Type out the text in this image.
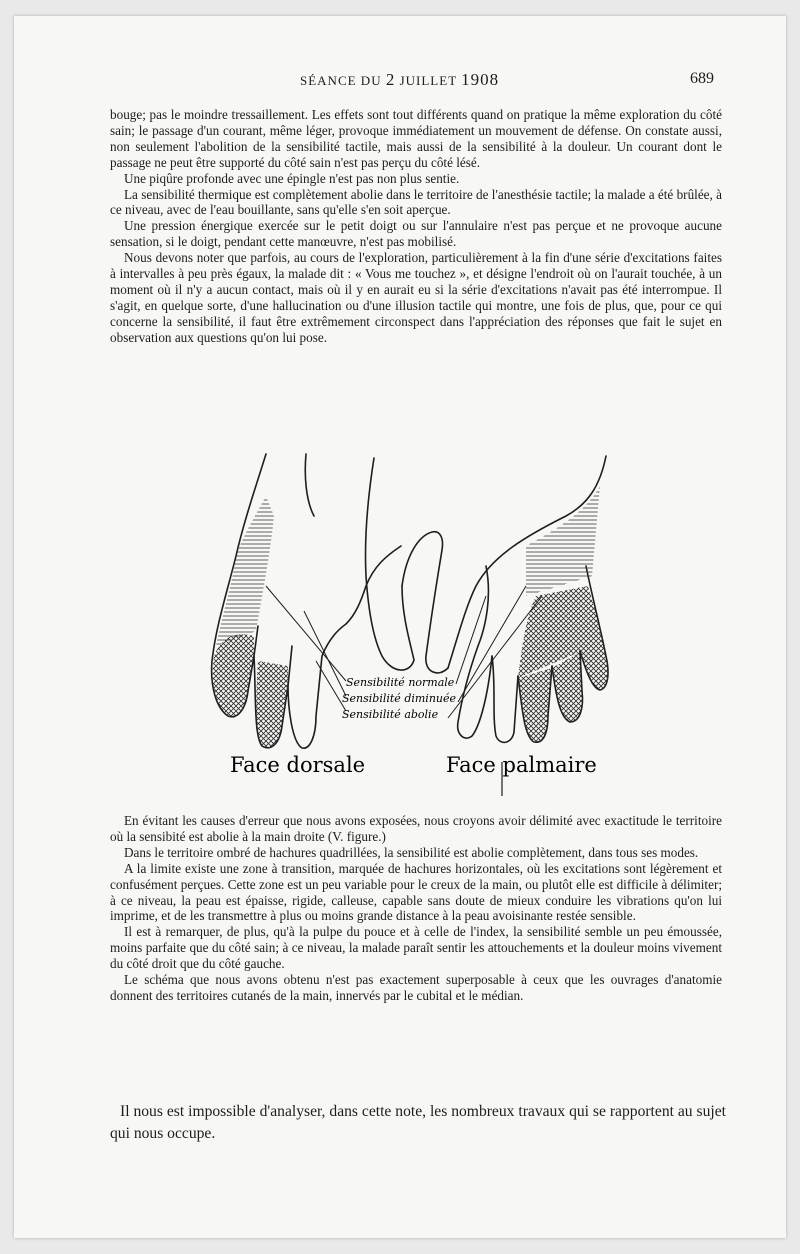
SÉANCE DU 2 JUILLET 1908	689

bouge; pas le moindre tressaillement. Les effets sont tout différents quand on pratique la même exploration du côté sain; le passage d'un courant, même léger, provoque immédiatement un mouvement de défense. On constate aussi, non seulement l'abolition de la sensibilité tactile, mais aussi de la sensibilité à la douleur. Un courant dont le passage ne peut être supporté du côté sain n'est pas perçu du côté lésé.

Une piqûre profonde avec une épingle n'est pas non plus sentie.

La sensibilité thermique est complètement abolie dans le territoire de l'anesthésie tactile; la malade a été brûlée, à ce niveau, avec de l'eau bouillante, sans qu'elle s'en soit aperçue.

Une pression énergique exercée sur le petit doigt ou sur l'annulaire n'est pas perçue et ne provoque aucune sensation, si le doigt, pendant cette manœuvre, n'est pas mobilisé.

Nous devons noter que parfois, au cours de l'exploration, particulièrement à la fin d'une série d'excitations faites à intervalles à peu près égaux, la malade dit : « Vous me touchez », et désigne l'endroit où on l'aurait touchée, à un moment où il n'y a aucun contact, mais où il y en aurait eu si la série d'excitations n'avait pas été interrompue. Il s'agit, en quelque sorte, d'une hallucination ou d'une illusion tactile qui montre, une fois de plus, que, pour ce qui concerne la sensibilité, il faut être extrêmement circonspect dans l'appréciation des réponses que fait le sujet en observation aux questions qu'on lui pose.

Sensibilité normale
Sensibilité diminuée
Sensibilité abolie
Face dorsale	Face palmaire

En évitant les causes d'erreur que nous avons exposées, nous croyons avoir délimité avec exactitude le territoire où la sensibité est abolie à la main droite (V. figure.)

Dans le territoire ombré de hachures quadrillées, la sensibilité est abolie complètement, dans tous ses modes.

A la limite existe une zone à transition, marquée de hachures horizontales, où les excitations sont légèrement et confusément perçues. Cette zone est un peu variable pour le creux de la main, ou plutôt elle est difficile à délimiter; à ce niveau, la peau est épaisse, rigide, calleuse, capable sans doute de mieux conduire les vibrations qu'on lui imprime, et de les transmettre à plus ou moins grande distance à la peau avoisinante restée sensible.

Il est à remarquer, de plus, qu'à la pulpe du pouce et à celle de l'index, la sensibilité semble un peu émoussée, moins parfaite que du côté sain; à ce niveau, la malade paraît sentir les attouchements et la douleur moins vivement du côté droit que du côté gauche.

Le schéma que nous avons obtenu n'est pas exactement superposable à ceux que les ouvrages d'anatomie donnent des territoires cutanés de la main, innervés par le cubital et le médian.

Il nous est impossible d'analyser, dans cette note, les nombreux travaux qui se rapportent au sujet qui nous occupe.
